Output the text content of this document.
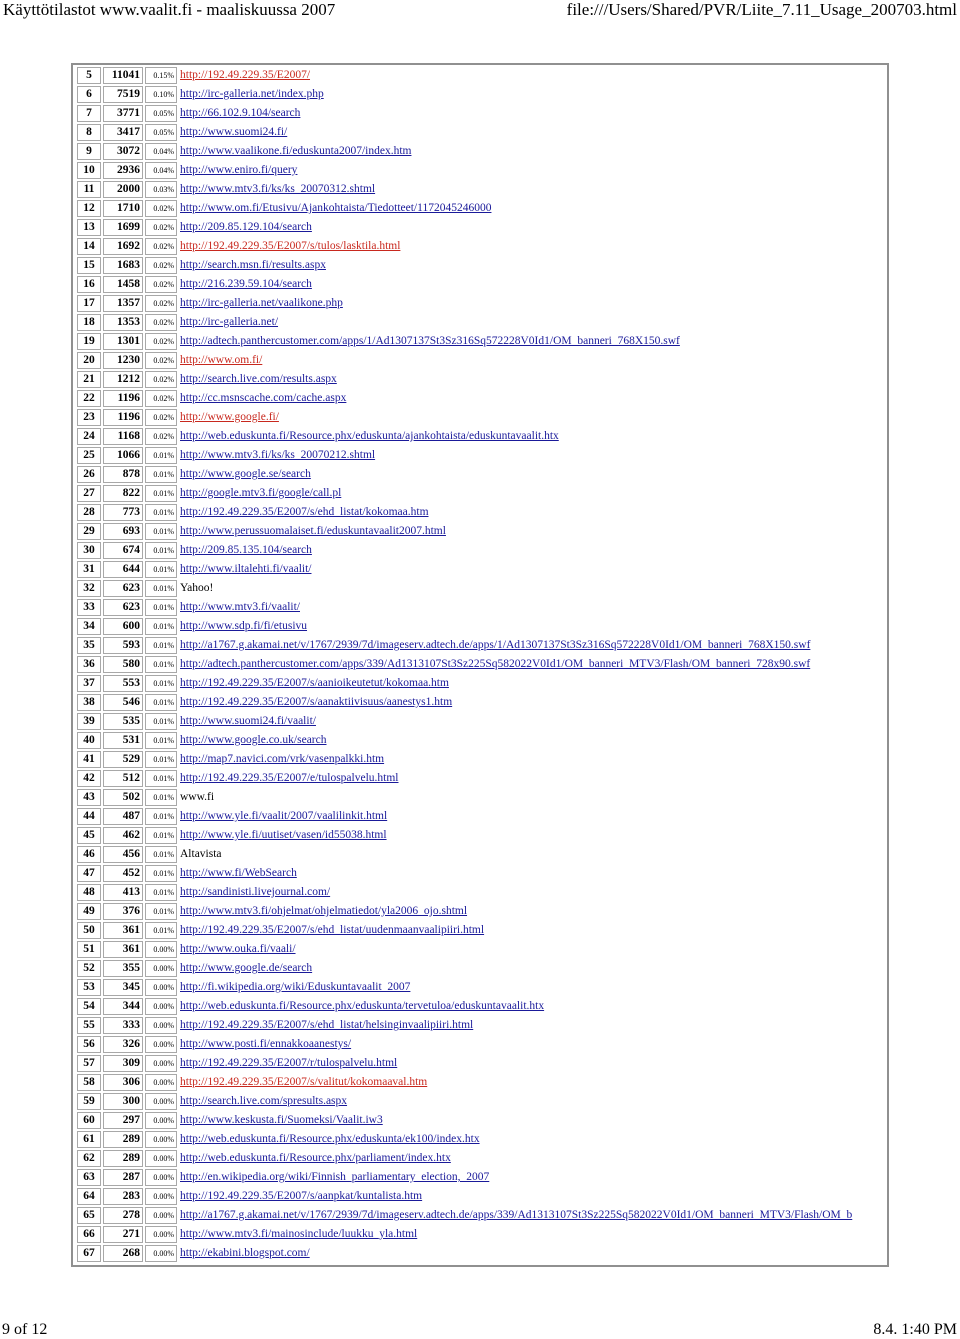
Käyttötilastot www.vaalit.fi - maaliskuussa 2007	file:///Users/Shared/PVR/Liite_7.11_Usage_200703.html
5	11041	0.15%	http://192.49.229.35/E2007/
6	7519	0.10%	http://irc-galleria.net/index.php
7	3771	0.05%	http://66.102.9.104/search
8	3417	0.05%	http://www.suomi24.fi/
9	3072	0.04%	http://www.vaalikone.fi/eduskunta2007/index.htm
10	2936	0.04%	http://www.eniro.fi/query
11	2000	0.03%	http://www.mtv3.fi/ks/ks_20070312.shtml
12	1710	0.02%	http://www.om.fi/Etusivu/Ajankohtaista/Tiedotteet/1172045246000
13	1699	0.02%	http://209.85.129.104/search
14	1692	0.02%	http://192.49.229.35/E2007/s/tulos/lasktila.html
15	1683	0.02%	http://search.msn.fi/results.aspx
16	1458	0.02%	http://216.239.59.104/search
17	1357	0.02%	http://irc-galleria.net/vaalikone.php
18	1353	0.02%	http://irc-galleria.net/
19	1301	0.02%	http://adtech.panthercustomer.com/apps/1/Ad1307137St3Sz316Sq572228V0Id1/OM_banneri_768X150.swf
20	1230	0.02%	http://www.om.fi/
21	1212	0.02%	http://search.live.com/results.aspx
22	1196	0.02%	http://cc.msnscache.com/cache.aspx
23	1196	0.02%	http://www.google.fi/
24	1168	0.02%	http://web.eduskunta.fi/Resource.phx/eduskunta/ajankohtaista/eduskuntavaalit.htx
25	1066	0.01%	http://www.mtv3.fi/ks/ks_20070212.shtml
26	878	0.01%	http://www.google.se/search
27	822	0.01%	http://google.mtv3.fi/google/call.pl
28	773	0.01%	http://192.49.229.35/E2007/s/ehd_listat/kokomaa.htm
29	693	0.01%	http://www.perussuomalaiset.fi/eduskuntavaalit2007.html
30	674	0.01%	http://209.85.135.104/search
31	644	0.01%	http://www.iltalehti.fi/vaalit/
32	623	0.01%	Yahoo!
33	623	0.01%	http://www.mtv3.fi/vaalit/
34	600	0.01%	http://www.sdp.fi/fi/etusivu
35	593	0.01%	http://a1767.g.akamai.net/v/1767/2939/7d/imageserv.adtech.de/apps/1/Ad1307137St3Sz316Sq572228V0Id1/OM_banneri_768X150.swf
36	580	0.01%	http://adtech.panthercustomer.com/apps/339/Ad1313107St3Sz225Sq582022V0Id1/OM_banneri_MTV3/Flash/OM_banneri_728x90.swf
37	553	0.01%	http://192.49.229.35/E2007/s/aanioikeutetut/kokomaa.htm
38	546	0.01%	http://192.49.229.35/E2007/s/aanaktiivisuus/aanestys1.htm
39	535	0.01%	http://www.suomi24.fi/vaalit/
40	531	0.01%	http://www.google.co.uk/search
41	529	0.01%	http://map7.navici.com/vrk/vasenpalkki.htm
42	512	0.01%	http://192.49.229.35/E2007/e/tulospalvelu.html
43	502	0.01%	www.fi
44	487	0.01%	http://www.yle.fi/vaalit/2007/vaalilinkit.html
45	462	0.01%	http://www.yle.fi/uutiset/vasen/id55038.html
46	456	0.01%	Altavista
47	452	0.01%	http://www.fi/WebSearch
48	413	0.01%	http://sandinisti.livejournal.com/
49	376	0.01%	http://www.mtv3.fi/ohjelmat/ohjelmatiedot/yla2006_ojo.shtml
50	361	0.01%	http://192.49.229.35/E2007/s/ehd_listat/uudenmaanvaalipiiri.html
51	361	0.00%	http://www.ouka.fi/vaali/
52	355	0.00%	http://www.google.de/search
53	345	0.00%	http://fi.wikipedia.org/wiki/Eduskuntavaalit_2007
54	344	0.00%	http://web.eduskunta.fi/Resource.phx/eduskunta/tervetuloa/eduskuntavaalit.htx
55	333	0.00%	http://192.49.229.35/E2007/s/ehd_listat/helsinginvaalipiiri.html
56	326	0.00%	http://www.posti.fi/ennakkoaanestys/
57	309	0.00%	http://192.49.229.35/E2007/r/tulospalvelu.html
58	306	0.00%	http://192.49.229.35/E2007/s/valitut/kokomaaval.htm
59	300	0.00%	http://search.live.com/spresults.aspx
60	297	0.00%	http://www.keskusta.fi/Suomeksi/Vaalit.iw3
61	289	0.00%	http://web.eduskunta.fi/Resource.phx/eduskunta/ek100/index.htx
62	289	0.00%	http://web.eduskunta.fi/Resource.phx/parliament/index.htx
63	287	0.00%	http://en.wikipedia.org/wiki/Finnish_parliamentary_election,_2007
64	283	0.00%	http://192.49.229.35/E2007/s/aanpkat/kuntalista.htm
65	278	0.00%	http://a1767.g.akamai.net/v/1767/2939/7d/imageserv.adtech.de/apps/339/Ad1313107St3Sz225Sq582022V0Id1/OM_banneri_MTV3/Flash/OM_b
66	271	0.00%	http://www.mtv3.fi/mainosinclude/luukku_yla.html
67	268	0.00%	http://ekabini.blogspot.com/
9 of 12	8.4. 1:40 PM
